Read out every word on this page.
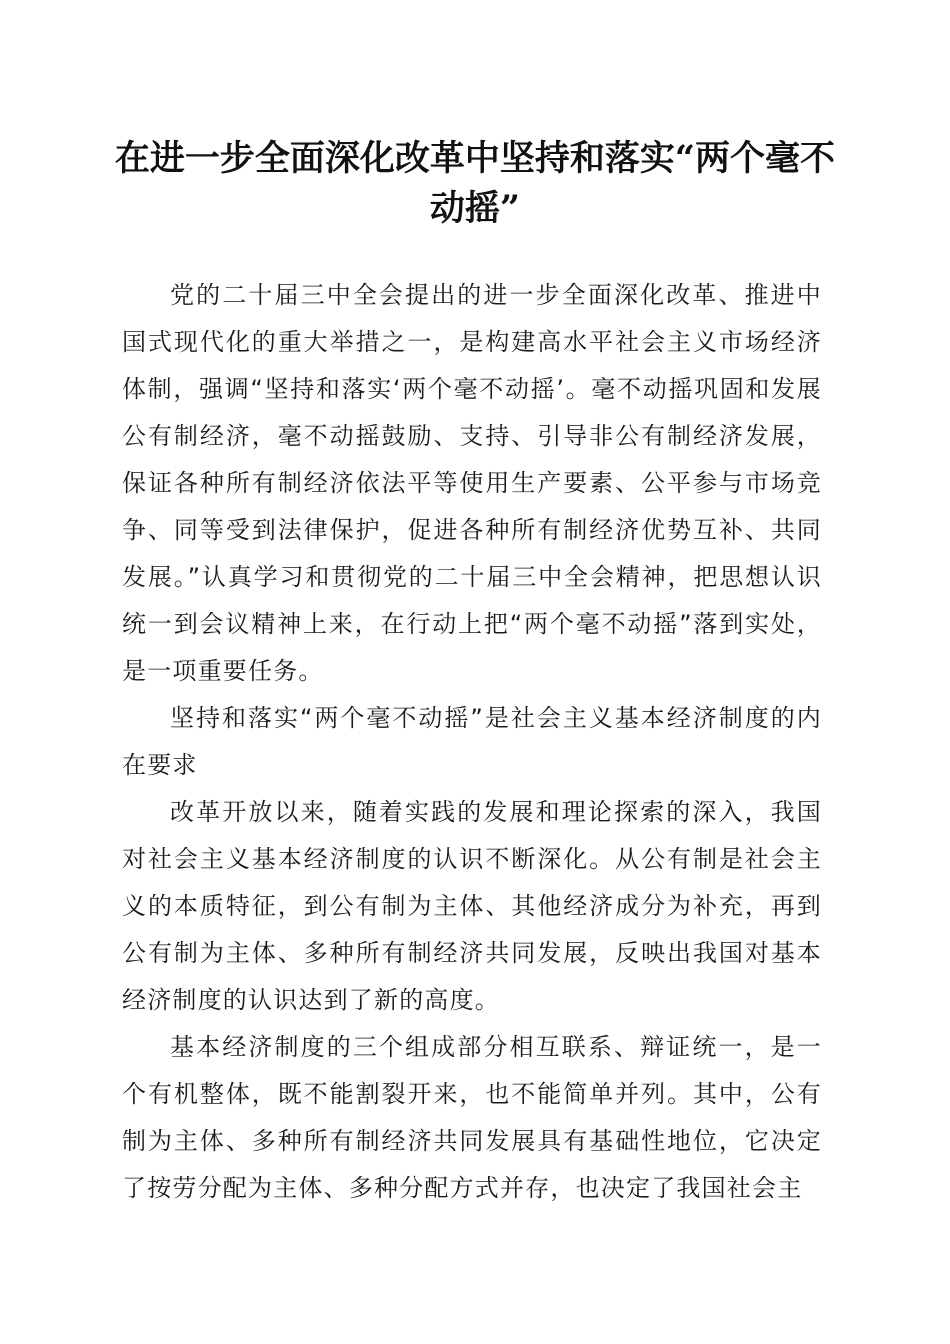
在进一步全面深化改革中坚持和落实“两个毫不动摇”

党的二十届三中全会提出的进一步全面深化改革、推进中国式现代化的重大举措之一，是构建高水平社会主义市场经济体制，强调“坚持和落实‘两个毫不动摇’。毫不动摇巩固和发展公有制经济，毫不动摇鼓励、支持、引导非公有制经济发展，保证各种所有制经济依法平等使用生产要素、公平参与市场竞争、同等受到法律保护，促进各种所有制经济优势互补、共同发展。”认真学习和贯彻党的二十届三中全会精神，把思想认识统一到会议精神上来，在行动上把“两个毫不动摇”落到实处，是一项重要任务。

坚持和落实“两个毫不动摇”是社会主义基本经济制度的内在要求

改革开放以来，随着实践的发展和理论探索的深入，我国对社会主义基本经济制度的认识不断深化。从公有制是社会主义的本质特征，到公有制为主体、其他经济成分为补充，再到公有制为主体、多种所有制经济共同发展，反映出我国对基本经济制度的认识达到了新的高度。

基本经济制度的三个组成部分相互联系、辩证统一，是一个有机整体，既不能割裂开来，也不能简单并列。其中，公有制为主体、多种所有制经济共同发展具有基础性地位，它决定了按劳分配为主体、多种分配方式并存，也决定了我国社会主
